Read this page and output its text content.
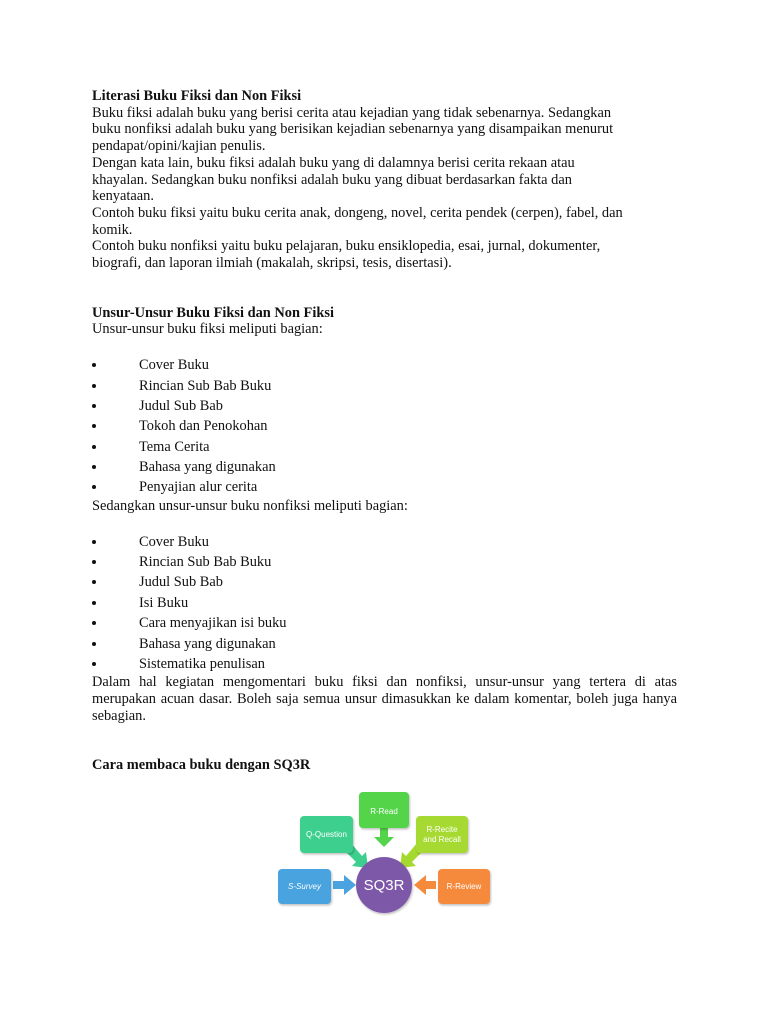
Literasi Buku Fiksi dan Non Fiksi
Buku fiksi adalah buku yang berisi cerita atau kejadian yang tidak sebenarnya. Sedangkan
buku nonfiksi adalah buku yang berisikan kejadian sebenarnya yang disampaikan menurut
pendapat/opini/kajian penulis.
Dengan kata lain, buku fiksi adalah buku yang di dalamnya berisi cerita rekaan atau
khayalan. Sedangkan buku nonfiksi adalah buku yang dibuat berdasarkan fakta dan
kenyataan.
Contoh buku fiksi yaitu buku cerita anak, dongeng, novel, cerita pendek (cerpen), fabel, dan
komik.
Contoh buku nonfiksi yaitu buku pelajaran, buku ensiklopedia, esai, jurnal, dokumenter,
biografi, dan laporan ilmiah (makalah, skripsi, tesis, disertasi).
Unsur-Unsur Buku Fiksi dan Non Fiksi
Unsur-unsur buku fiksi meliputi bagian:
Cover Buku
Rincian Sub Bab Buku
Judul Sub Bab
Tokoh dan Penokohan
Tema Cerita
Bahasa yang digunakan
Penyajian alur cerita
Sedangkan unsur-unsur buku nonfiksi meliputi bagian:
Cover Buku
Rincian Sub Bab Buku
Judul Sub Bab
Isi Buku
Cara menyajikan isi buku
Bahasa yang digunakan
Sistematika penulisan
Dalam hal kegiatan mengomentari buku fiksi dan nonfiksi, unsur-unsur yang tertera di atas merupakan acuan dasar. Boleh saja semua unsur dimasukkan ke dalam komentar, boleh juga hanya sebagian.
Cara membaca buku dengan SQ3R
R-Read
Q-Question
R-Recite
and Recall
S-Survey	R-Review
SQ3R
